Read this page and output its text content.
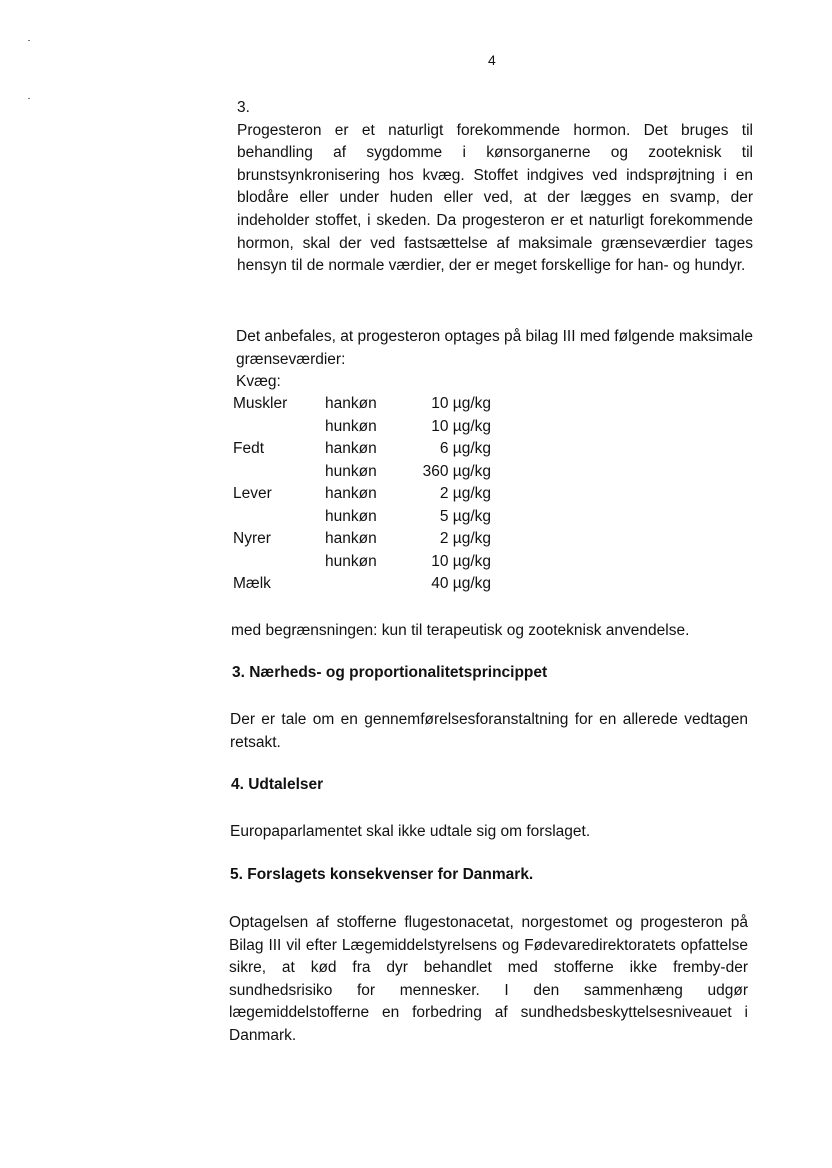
4

3.

Progesteron er et naturligt forekommende hormon. Det bruges til behandling af sygdomme i kønsorganerne og zooteknisk til brunstsynkronisering hos kvæg. Stoffet indgives ved indsprøjtning i en blodåre eller under huden eller ved, at der lægges en svamp, der indeholder stoffet, i skeden. Da progesteron er et naturligt forekommende hormon, skal der ved fastsættelse af maksimale grænseværdier tages hensyn til de normale værdier, der er meget forskellige for han- og hundyr.

Det anbefales, at progesteron optages på bilag III med følgende maksimale grænseværdier:

Kvæg:

Muskler	hankøn	10 µg/kg
	hunkøn	10 µg/kg
Fedt	hankøn	6 µg/kg
	hunkøn	360 µg/kg
Lever	hankøn	2 µg/kg
	hunkøn	5 µg/kg
Nyrer	hankøn	2 µg/kg
	hunkøn	10 µg/kg
Mælk		40 µg/kg
med begrænsningen: kun til terapeutisk og zooteknisk anvendelse.
3. Nærheds- og proportionalitetsprincippet
Der er tale om en gennemførelsesforanstaltning for en allerede vedtagen retsakt.
4. Udtalelser
Europaparlamentet skal ikke udtale sig om forslaget.
5. Forslagets konsekvenser for Danmark.
Optagelsen af stofferne flugestonacetat, norgestomet og progesteron på Bilag III vil efter Lægemiddelstyrelsens og Fødevaredirektoratets opfattelse sikre, at kød fra dyr behandlet med stofferne ikke fremby-der sundhedsrisiko for mennesker. I den sammenhæng udgør lægemiddelstofferne en forbedring af sundhedsbeskyttelsesniveauet i Danmark.
